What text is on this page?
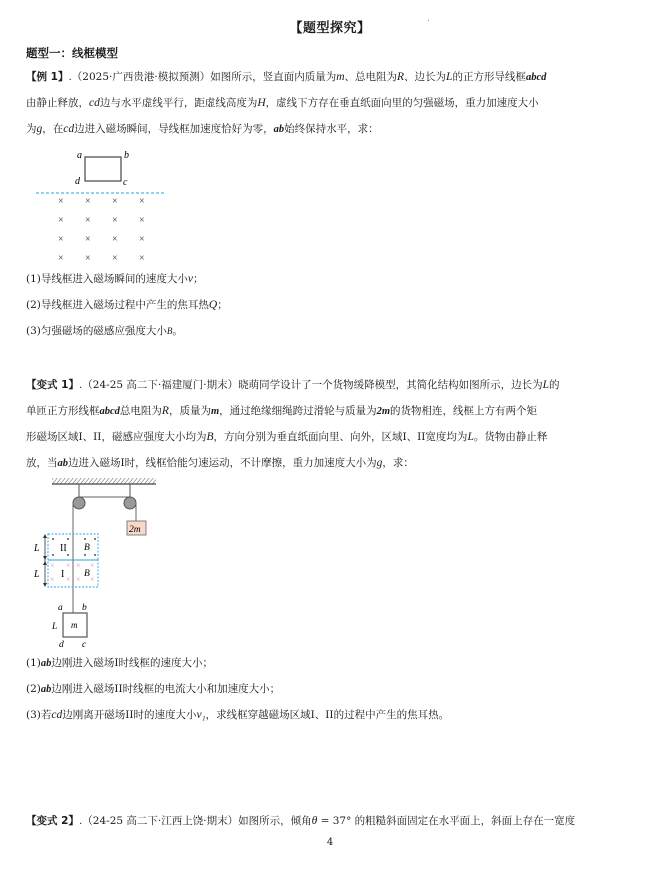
【题型探究】
题型一：线框模型
【例 1】.（2025·广西贵港·模拟预测）如图所示，竖直面内质量为m、总电阻为R、边长为L的正方形导线框abcd
由静止释放，cd边与水平虚线平行，距虚线高度为H，虚线下方存在垂直纸面向里的匀强磁场，重力加速度大小
为g，在cd边进入磁场瞬间，导线框加速度恰好为零，ab始终保持水平，求：
a	b
d	c
× × × ×
× × × ×
× × × ×
× × × ×
(1)导线框进入磁场瞬间的速度大小v；
(2)导线框进入磁场过程中产生的焦耳热Q；
(3)匀强磁场的磁感应强度大小B。
【变式 1】.（24-25 高二下·福建厦门·期末）晓萌同学设计了一个货物缓降模型，其简化结构如图所示，边长为L的
单匝正方形线框abcd总电阻为R，质量为m，通过绝缘细绳跨过滑轮与质量为2m的货物相连，线框上方有两个矩
形磁场区域I、II，磁感应强度大小均为B，方向分别为垂直纸面向里、向外，区域I、II宽度均为L。货物由静止释
放，当ab边进入磁场I时，线框恰能匀速运动，不计摩擦，重力加速度大小为g，求：
2m
× × × ×
× × × ×
II
I
B
B
L
L
m
a b
d c
L
(1)ab边刚进入磁场I时线框的速度大小；
(2)ab边刚进入磁场II时线框的电流大小和加速度大小；
(3)若cd边刚离开磁场II时的速度大小v₁，求线框穿越磁场区域I、II的过程中产生的焦耳热。
【变式 2】.（24-25 高二下·江西上饶·期末）如图所示，倾角θ = 37° 的粗糙斜面固定在水平面上，斜面上存在一宽度
4
